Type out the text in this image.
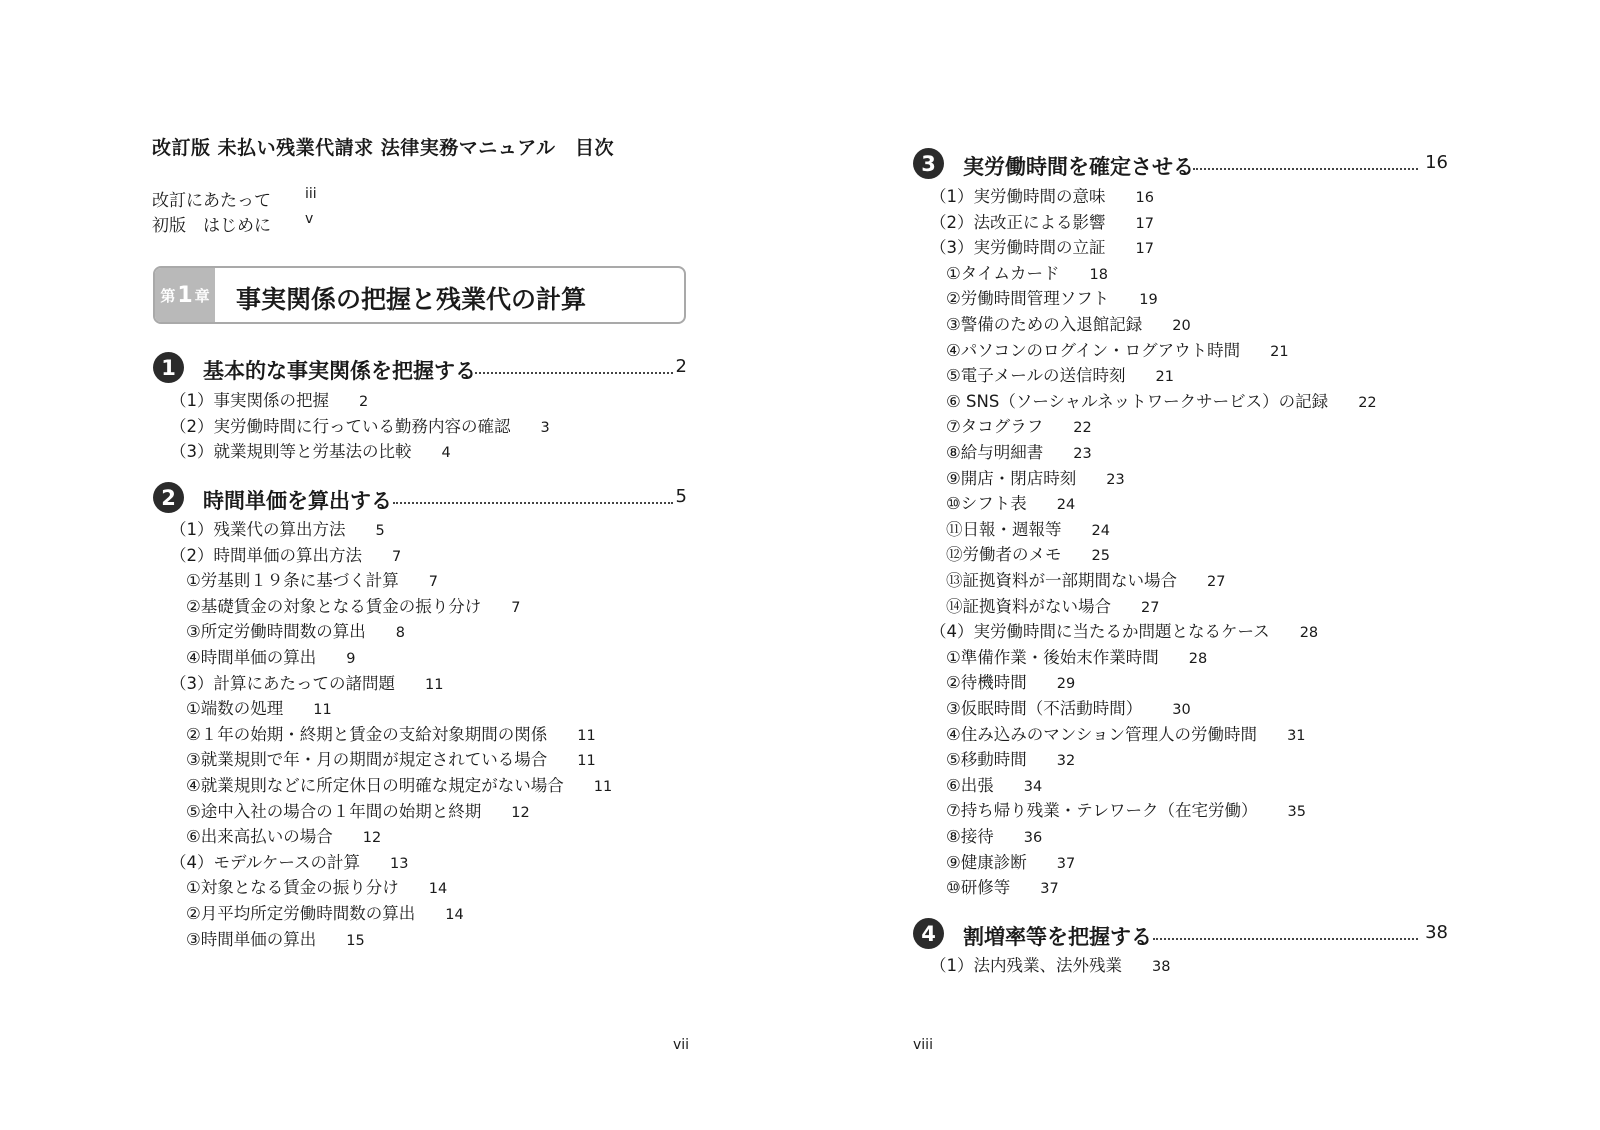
改訂版 未払い残業代請求 法律実務マニュアル　目次
改訂にあたって iii
初版　はじめに v
第 1 章 事実関係の把握と残業代の計算
1	基本的な事実関係を把握する	2
（1）事実関係の把握 2
（2）実労働時間に行っている勤務内容の確認 3
（3）就業規則等と労基法の比較 4
2	時間単価を算出する	5
（1）残業代の算出方法 5
（2）時間単価の算出方法 7
①労基則１９条に基づく計算 7
②基礎賃金の対象となる賃金の振り分け 7
③所定労働時間数の算出 8
④時間単価の算出 9
（3）計算にあたっての諸問題 11
①端数の処理 11
②１年の始期・終期と賃金の支給対象期間の関係 11
③就業規則で年・月の期間が規定されている場合 11
④就業規則などに所定休日の明確な規定がない場合 11
⑤途中入社の場合の１年間の始期と終期 12
⑥出来高払いの場合 12
（4）モデルケースの計算 13
①対象となる賃金の振り分け 14
②月平均所定労働時間数の算出 14
③時間単価の算出 15
vii
3	実労働時間を確定させる	16
（1）実労働時間の意味 16
（2）法改正による影響 17
（3）実労働時間の立証 17
①タイムカード 18
②労働時間管理ソフト 19
③警備のための入退館記録 20
④パソコンのログイン・ログアウト時間 21
⑤電子メールの送信時刻 21
⑥ SNS（ソーシャルネットワークサービス）の記録 22
⑦タコグラフ 22
⑧給与明細書 23
⑨開店・閉店時刻 23
⑩シフト表 24
⑪日報・週報等 24
⑫労働者のメモ 25
⑬証拠資料が一部期間ない場合 27
⑭証拠資料がない場合 27
（4）実労働時間に当たるか問題となるケース 28
①準備作業・後始末作業時間 28
②待機時間 29
③仮眠時間（不活動時間） 30
④住み込みのマンション管理人の労働時間 31
⑤移動時間 32
⑥出張 34
⑦持ち帰り残業・テレワーク（在宅労働） 35
⑧接待 36
⑨健康診断 37
⑩研修等 37
4	割増率等を把握する	38
（1）法内残業、法外残業 38
viii
